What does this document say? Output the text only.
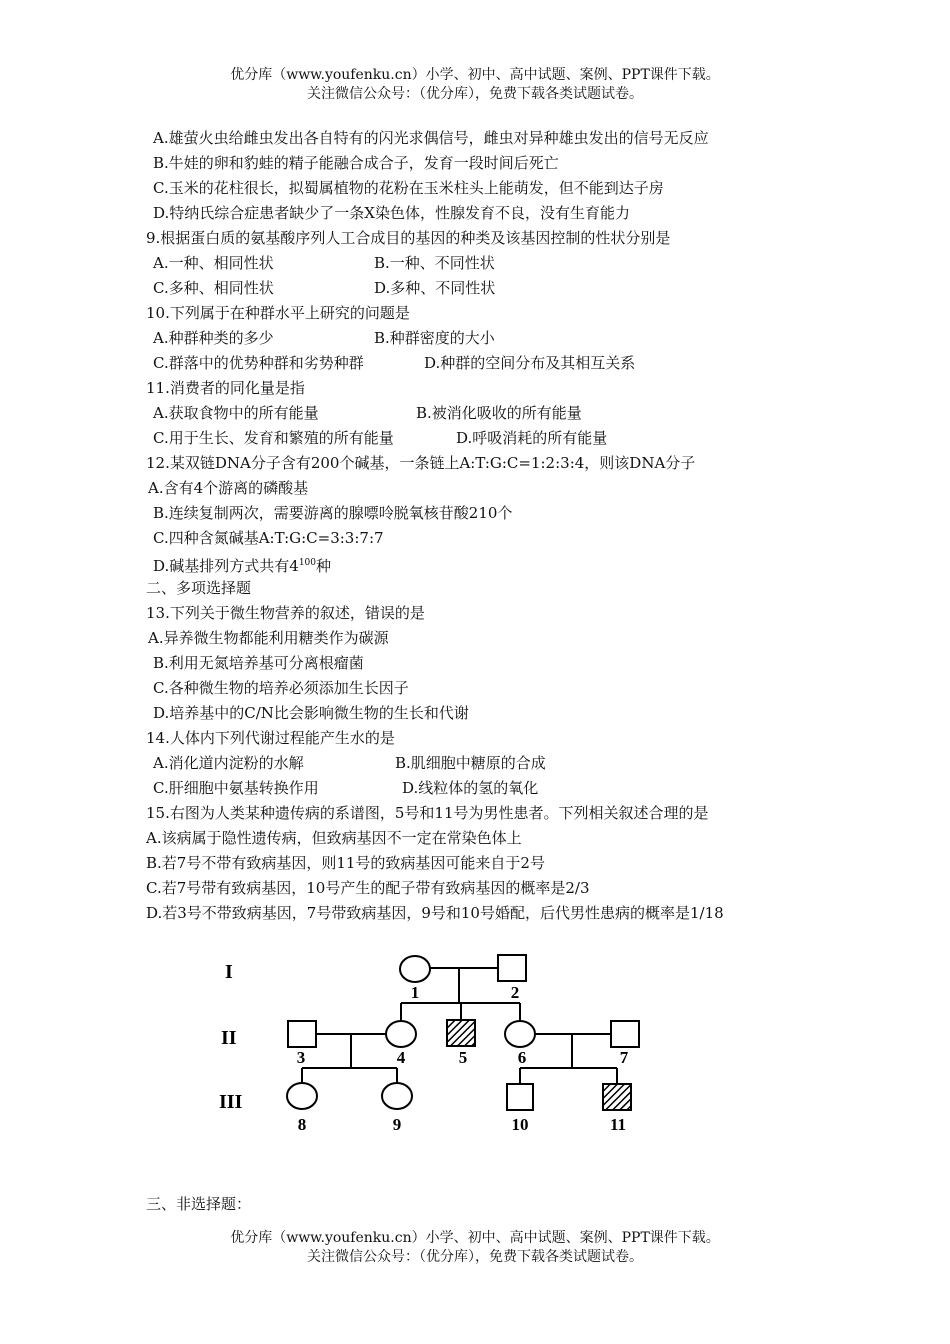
优分库（www.youfenku.cn）小学、初中、高中试题、案例、PPT课件下载。
关注微信公众号：（优分库），免费下载各类试题试卷。
A.雄萤火虫给雌虫发出各自特有的闪光求偶信号，雌虫对异种雄虫发出的信号无反应
B.牛娃的卵和豹蛙的精子能融合成合子，发育一段时间后死亡
C.玉米的花柱很长，拟蜀属植物的花粉在玉米柱头上能萌发，但不能到达子房
D.特纳氏综合症患者缺少了一条X染色体，性腺发育不良，没有生育能力
9.根据蛋白质的氨基酸序列人工合成目的基因的种类及该基因控制的性状分别是
A.一种、相同性状	B.一种、不同性状
C.多种、相同性状	D.多种、不同性状
10.下列属于在种群水平上研究的问题是
A.种群种类的多少	B.种群密度的大小
C.群落中的优势种群和劣势种群	D.种群的空间分布及其相互关系
11.消费者的同化量是指
A.获取食物中的所有能量	B.被消化吸收的所有能量
C.用于生长、发育和繁殖的所有能量	D.呼吸消耗的所有能量
12.某双链DNA分子含有200个碱基，一条链上A:T:G:C=1:2:3:4，则该DNA分子
A.含有4个游离的磷酸基
B.连续复制两次，需要游离的腺嘌呤脱氧核苷酸210个
C.四种含氮碱基A:T:G:C=3:3:7:7
D.碱基排列方式共有$4^{100}$种
二、多项选择题
13.下列关于微生物营养的叙述，错误的是
A.异养微生物都能利用糖类作为碳源
B.利用无氮培养基可分离根瘤菌
C.各种微生物的培养必须添加生长因子
D.培养基中的C/N比会影响微生物的生长和代谢
14.人体内下列代谢过程能产生水的是
A.消化道内淀粉的水解	B.肌细胞中糖原的合成
C.肝细胞中氨基转换作用	D.线粒体的氢的氧化
15.右图为人类某种遗传病的系谱图，5号和11号为男性患者。下列相关叙述合理的是
A.该病属于隐性遗传病，但致病基因不一定在常染色体上
B.若7号不带有致病基因，则11号的致病基因可能来自于2号
C.若7号带有致病基因，10号产生的配子带有致病基因的概率是2/3
D.若3号不带致病基因，7号带致病基因，9号和10号婚配，后代男性患病的概率是1/18
I
II
III
1	2
3	4	5	6	7
8	9	10	11
三、非选择题：
优分库（www.youfenku.cn）小学、初中、高中试题、案例、PPT课件下载。
关注微信公众号：（优分库），免费下载各类试题试卷。
